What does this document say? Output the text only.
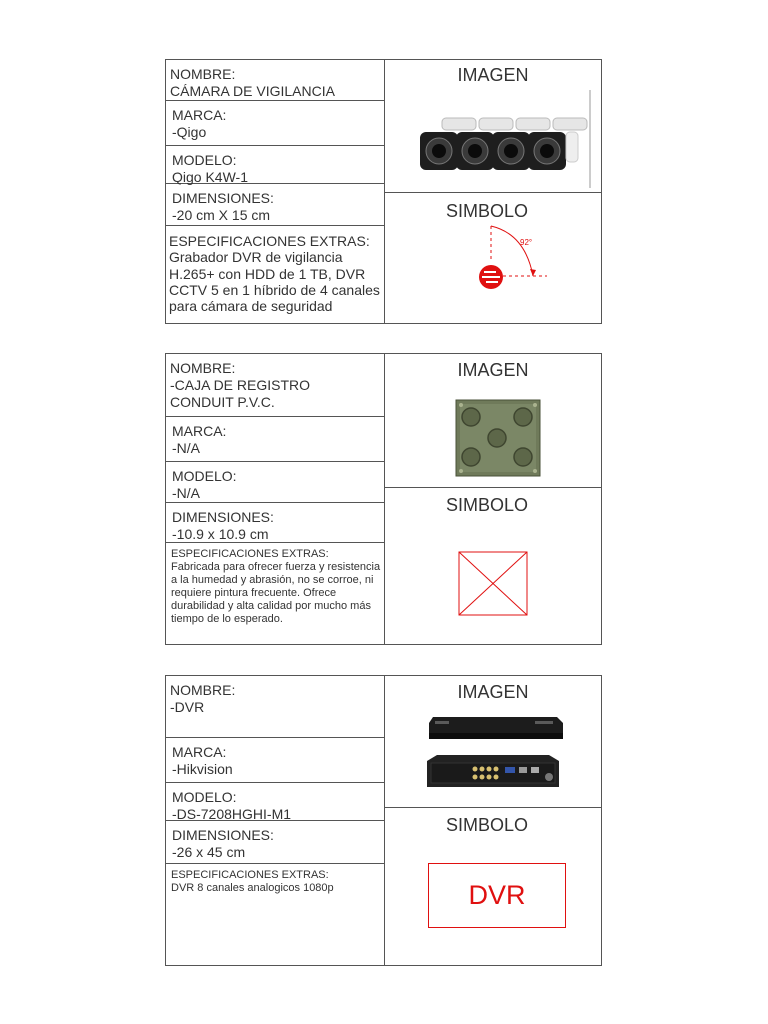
NOMBRE:
CÁMARA DE VIGILANCIA
MARCA:
-Qigo
MODELO:
Qigo K4W-1
DIMENSIONES:
-20 cm X 15 cm
ESPECIFICACIONES EXTRAS:
Grabador DVR de vigilancia H.265+ con HDD de 1 TB, DVR CCTV 5 en 1 híbrido de 4 canales para cámara de seguridad
IMAGEN
SIMBOLO
92°
NOMBRE:
-CAJA DE REGISTRO
CONDUIT P.V.C.
MARCA:
-N/A
MODELO:
-N/A
DIMENSIONES:
-10.9 x 10.9 cm
ESPECIFICACIONES EXTRAS:
Fabricada para ofrecer fuerza y resistencia a la humedad y abrasión, no se corroe, ni requiere pintura frecuente. Ofrece durabilidad y alta calidad por mucho más tiempo de lo esperado.
IMAGEN
SIMBOLO
NOMBRE:
-DVR
MARCA:
-Hikvision
MODELO:
-DS-7208HGHI-M1
DIMENSIONES:
-26 x 45 cm
ESPECIFICACIONES EXTRAS:
DVR 8 canales analogicos 1080p
IMAGEN
SIMBOLO
DVR
